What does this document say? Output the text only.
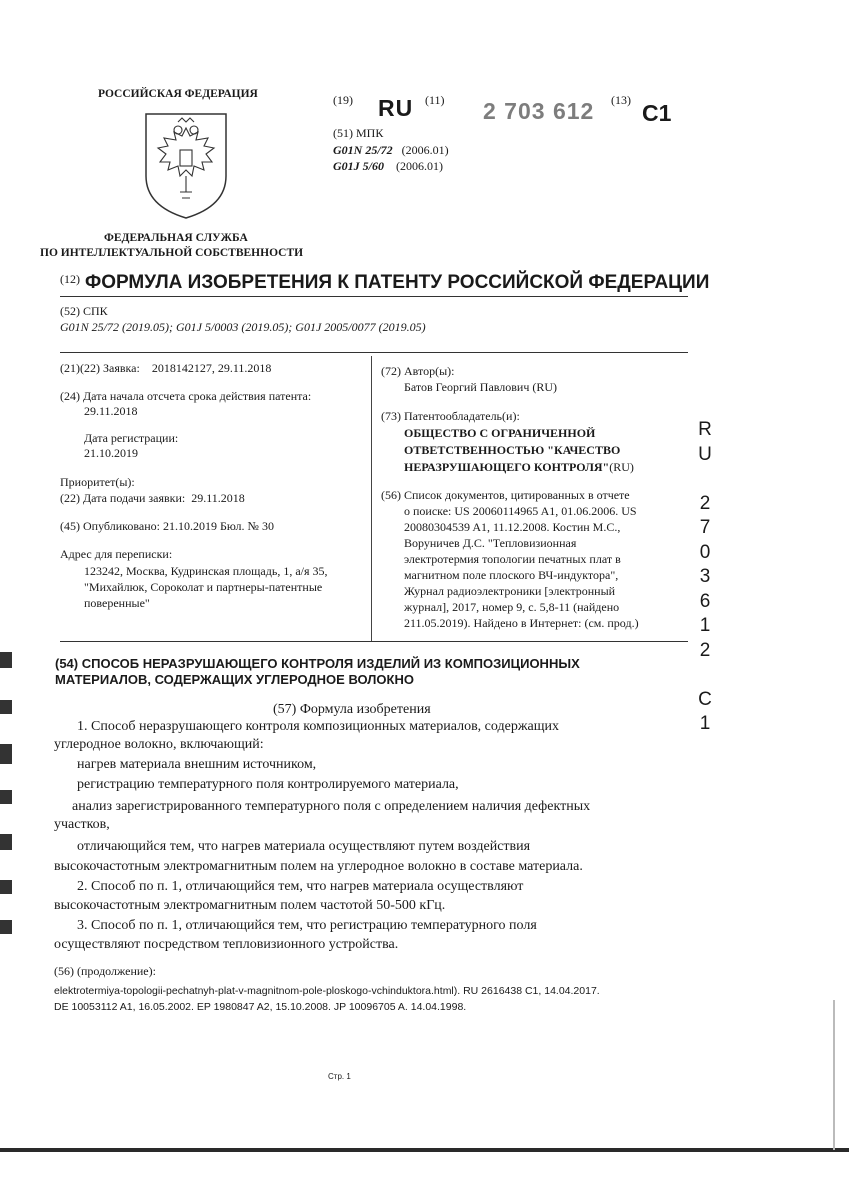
РОССИЙСКАЯ ФЕДЕРАЦИЯ
ФЕДЕРАЛЬНАЯ СЛУЖБА
ПО ИНТЕЛЛЕКТУАЛЬНОЙ СОБСТВЕННОСТИ
(19) RU (11) 2 703 612 (13) C1
(51) МПК
G01N 25/72 (2006.01)
G01J 5/60 (2006.01)
(12) ФОРМУЛА ИЗОБРЕТЕНИЯ К ПАТЕНТУ РОССИЙСКОЙ ФЕДЕРАЦИИ
(52) СПК
G01N 25/72 (2019.05); G01J 5/0003 (2019.05); G01J 2005/0077 (2019.05)
(21)(22) Заявка: 2018142127, 29.11.2018
(24) Дата начала отсчета срока действия патента:
29.11.2018
Дата регистрации:
21.10.2019
Приоритет(ы):
(22) Дата подачи заявки: 29.11.2018
(45) Опубликовано: 21.10.2019 Бюл. № 30
Адрес для переписки:
123242, Москва, Кудринская площадь, 1, а/я 35,
"Михайлюк, Сороколат и партнеры-патентные
поверенные"
(72) Автор(ы):
Батов Георгий Павлович (RU)
(73) Патентообладатель(и):
ОБЩЕСТВО С ОГРАНИЧЕННОЙ
ОТВЕТСТВЕННОСТЬЮ "КАЧЕСТВО
НЕРАЗРУШАЮЩЕГО КОНТРОЛЯ"(RU)
(56) Список документов, цитированных в отчете
о поиске: US 20060114965 A1, 01.06.2006. US
20080304539 A1, 11.12.2008. Костин М.С.,
Воруничев Д.С. "Тепловизионная
электротермия топологии печатных плат в
магнитном поле плоского ВЧ-индуктора",
Журнал радиоэлектроники [электронный
журнал], 2017, номер 9, с. 5,8-11 (найдено
211.05.2019). Найдено в Интернет: (см. прод.)
R
U

2
7
0
3
6
1
2

C
1
(54) СПОСОБ НЕРАЗРУШАЮЩЕГО КОНТРОЛЯ ИЗДЕЛИЙ ИЗ КОМПОЗИЦИОННЫХ
МАТЕРИАЛОВ, СОДЕРЖАЩИХ УГЛЕРОДНОЕ ВОЛОКНО
(57) Формула изобретения
1. Способ неразрушающего контроля композиционных материалов, содержащих
углеродное волокно, включающий:
нагрев материала внешним источником,
регистрацию температурного поля контролируемого материала,
анализ зарегистрированного температурного поля с определением наличия дефектных
участков,
отличающийся тем, что нагрев материала осуществляют путем воздействия
высокочастотным электромагнитным полем на углеродное волокно в составе материала.
2. Способ по п. 1, отличающийся тем, что нагрев материала осуществляют
высокочастотным электромагнитным полем частотой 50-500 кГц.
3. Способ по п. 1, отличающийся тем, что регистрацию температурного поля
осуществляют посредством тепловизионного устройства.
(56) (продолжение):
elektrotermiya-topologii-pechatnyh-plat-v-magnitnom-pole-ploskogo-vchinduktora.html). RU 2616438 C1, 14.04.2017.
DE 10053112 A1, 16.05.2002. EP 1980847 A2, 15.10.2008. JP 10096705 A. 14.04.1998.
Стр. 1
